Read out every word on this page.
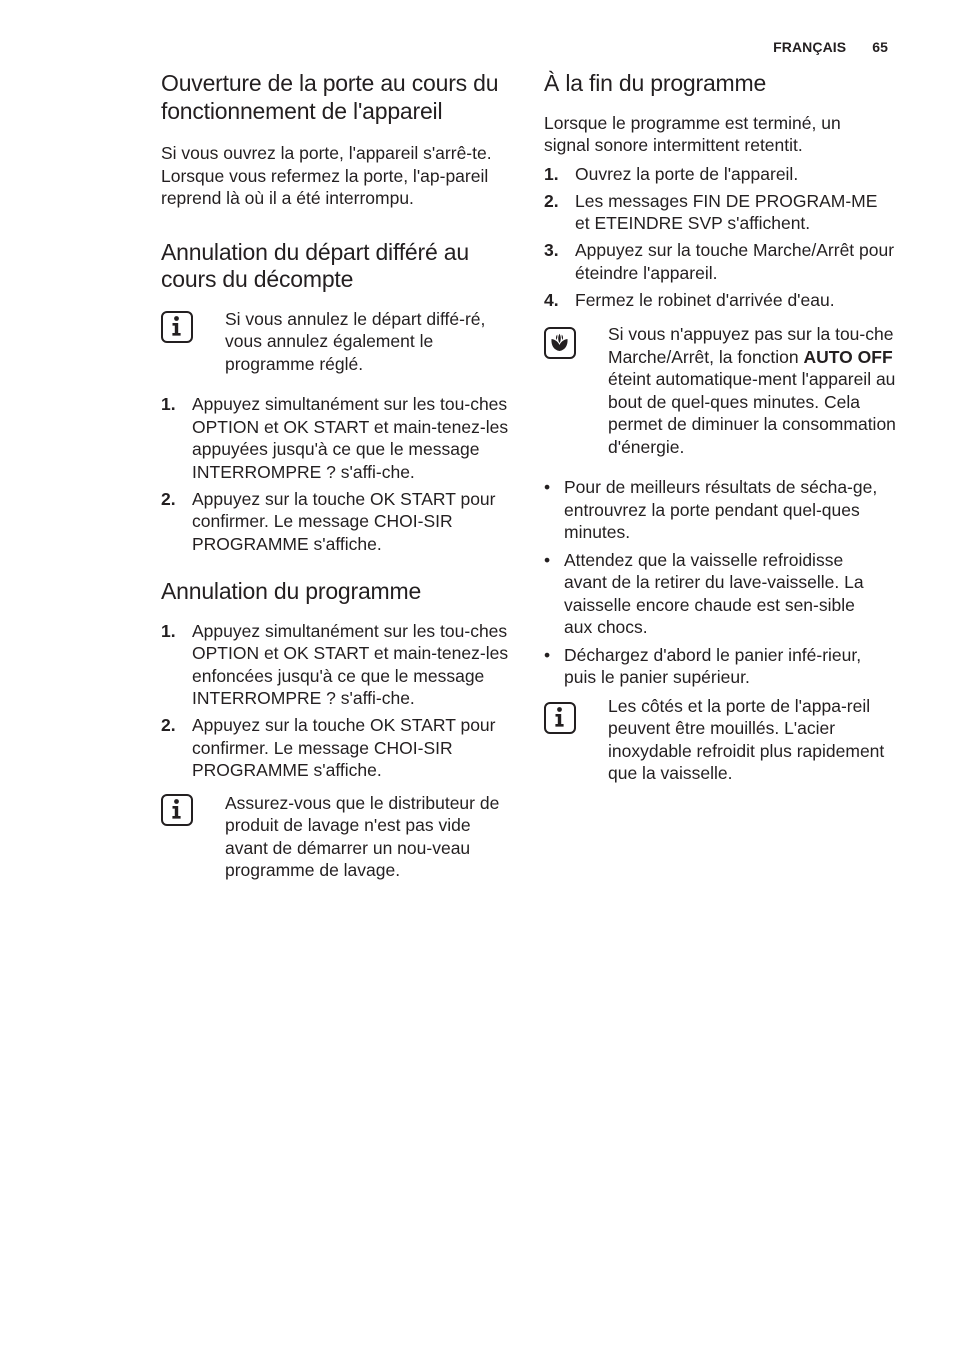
FRANÇAIS 65
Ouverture de la porte au cours du fonctionnement de l'appareil

Si vous ouvrez la porte, l'appareil s'arrê-te. Lorsque vous refermez la porte, l'ap-pareil reprend là où il a été interrompu.

Annulation du départ différé au cours du décompte
Si vous annulez le départ diffé-ré, vous annulez également le programme réglé.
1. Appuyez simultanément sur les tou-ches OPTION et OK START et main-tenez-les appuyées jusqu'à ce que le message INTERROMPRE ? s'affi-che.
2. Appuyez sur la touche OK START pour confirmer. Le message CHOI-SIR PROGRAMME s'affiche.
Annulation du programme
1. Appuyez simultanément sur les tou-ches OPTION et OK START et main-tenez-les enfoncées jusqu'à ce que le message INTERROMPRE ? s'affi-che.
2. Appuyez sur la touche OK START pour confirmer. Le message CHOI-SIR PROGRAMME s'affiche.
Assurez-vous que le distributeur de produit de lavage n'est pas vide avant de démarrer un nou-veau programme de lavage.
À la fin du programme

Lorsque le programme est terminé, un signal sonore intermittent retentit.

1. Ouvrez la porte de l'appareil.
2. Les messages FIN DE PROGRAM-ME et ETEINDRE SVP s'affichent.
3. Appuyez sur la touche Marche/Arrêt pour éteindre l'appareil.
4. Fermez le robinet d'arrivée d'eau.
Si vous n'appuyez pas sur la tou-che Marche/Arrêt, la fonction AUTO OFF éteint automatique-ment l'appareil au bout de quel-ques minutes. Cela permet de diminuer la consommation d'énergie.
• Pour de meilleurs résultats de sécha-ge, entrouvrez la porte pendant quel-ques minutes.
• Attendez que la vaisselle refroidisse avant de la retirer du lave-vaisselle. La vaisselle encore chaude est sen-sible aux chocs.
• Déchargez d'abord le panier infé-rieur, puis le panier supérieur.
Les côtés et la porte de l'appa-reil peuvent être mouillés. L'acier inoxydable refroidit plus rapidement que la vaisselle.
